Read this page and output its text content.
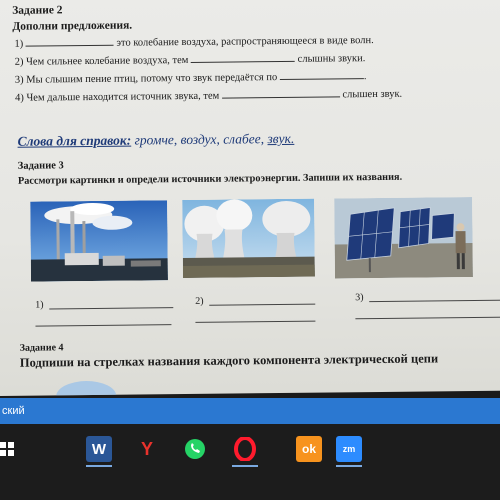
Задание 2
Дополни предложения.
1)	это колебание воздуха, распространяющееся в виде волн.
2) Чем сильнее колебание воздуха, тем	слышны звуки.
3) Мы слышим пение птиц, потому что звук передаётся по	.
4) Чем дальше находится источник звука, тем	слышен звук.
Слова для справок: громче, воздух, слабее, звук.
Задание 3
Рассмотри картинки и определи источники электроэнергии. Запиши их названия.
1)	2)	3)
Задание 4
Подпиши на стрелках названия каждого компонента электрической цепи
ский
W	Y	ok	zm
